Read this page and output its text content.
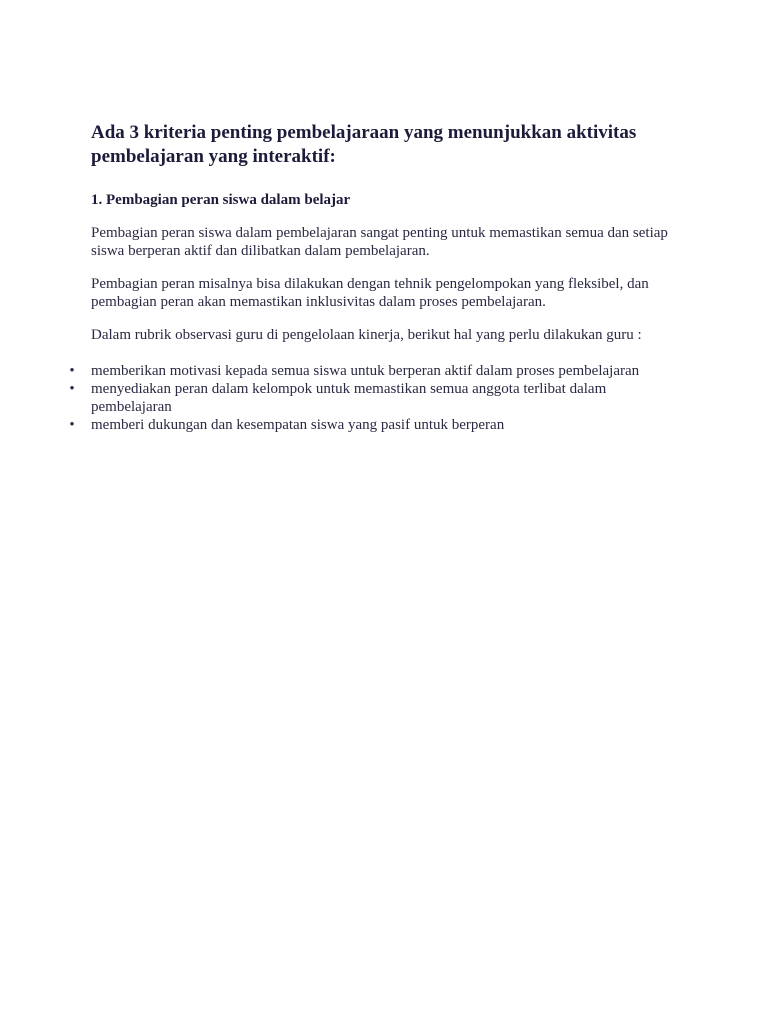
Ada 3 kriteria penting pembelajaraan yang menunjukkan aktivitas pembelajaran yang interaktif:
1. Pembagian peran siswa dalam belajar

Pembagian peran siswa dalam pembelajaran sangat penting untuk memastikan semua dan setiap siswa berperan aktif dan dilibatkan dalam pembelajaran.

Pembagian peran misalnya bisa dilakukan dengan tehnik pengelompokan yang fleksibel, dan pembagian peran akan memastikan inklusivitas dalam proses pembelajaran.

Dalam rubrik observasi guru di pengelolaan kinerja, berikut hal yang perlu dilakukan guru :

• memberikan motivasi kepada semua siswa untuk berperan aktif dalam proses pembelajaran
• menyediakan peran dalam kelompok untuk memastikan semua anggota terlibat dalam pembelajaran
• memberi dukungan dan kesempatan siswa yang pasif untuk berperan
